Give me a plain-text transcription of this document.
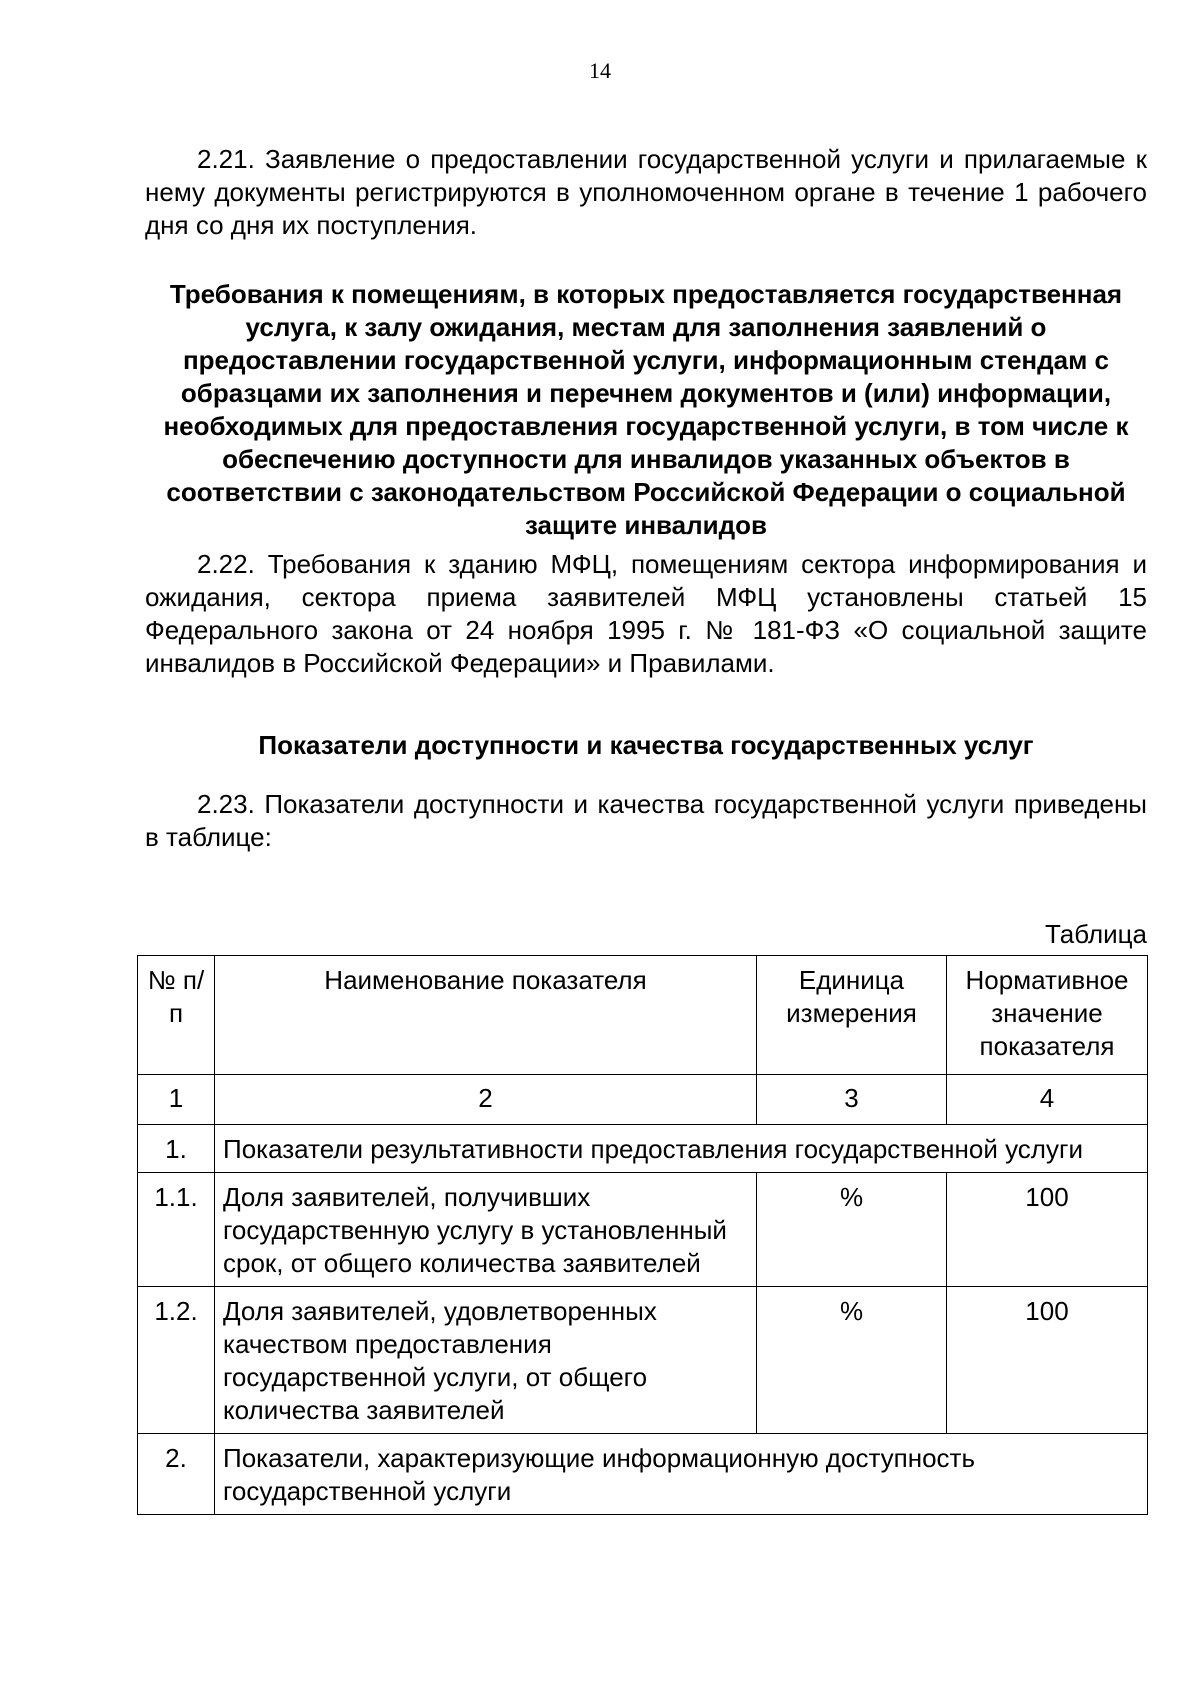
14

2.21. Заявление о предоставлении государственной услуги и прилагаемые к нему документы регистрируются в уполномоченном органе в течение 1 рабочего дня со дня их поступления.

Требования к помещениям, в которых предоставляется государственная услуга, к залу ожидания, местам для заполнения заявлений о предоставлении государственной услуги, информационным стендам с образцами их заполнения и перечнем документов и (или) информации, необходимых для предоставления государственной услуги, в том числе к обеспечению доступности для инвалидов указанных объектов в соответствии с законодательством Российской Федерации о социальной защите инвалидов

2.22. Требования к зданию МФЦ, помещениям сектора информирования и ожидания, сектора приема заявителей МФЦ установлены статьей 15 Федерального закона от 24 ноября 1995 г. № 181-ФЗ «О социальной защите инвалидов в Российской Федерации» и Правилами.

Показатели доступности и качества государственных услуг

2.23. Показатели доступности и качества государственной услуги приведены в таблице:

Таблица

№ п/п	Наименование показателя	Единица измерения	Нормативное значение показателя
1	2	3	4
1.	Показатели результативности предоставления государственной услуги		
1.1.	Доля заявителей, получивших государственную услугу в установленный срок, от общего количества заявителей	%	100
1.2.	Доля заявителей, удовлетворенных качеством предоставления государственной услуги, от общего количества заявителей	%	100
2.	Показатели, характеризующие информационную доступность государственной услуги		
